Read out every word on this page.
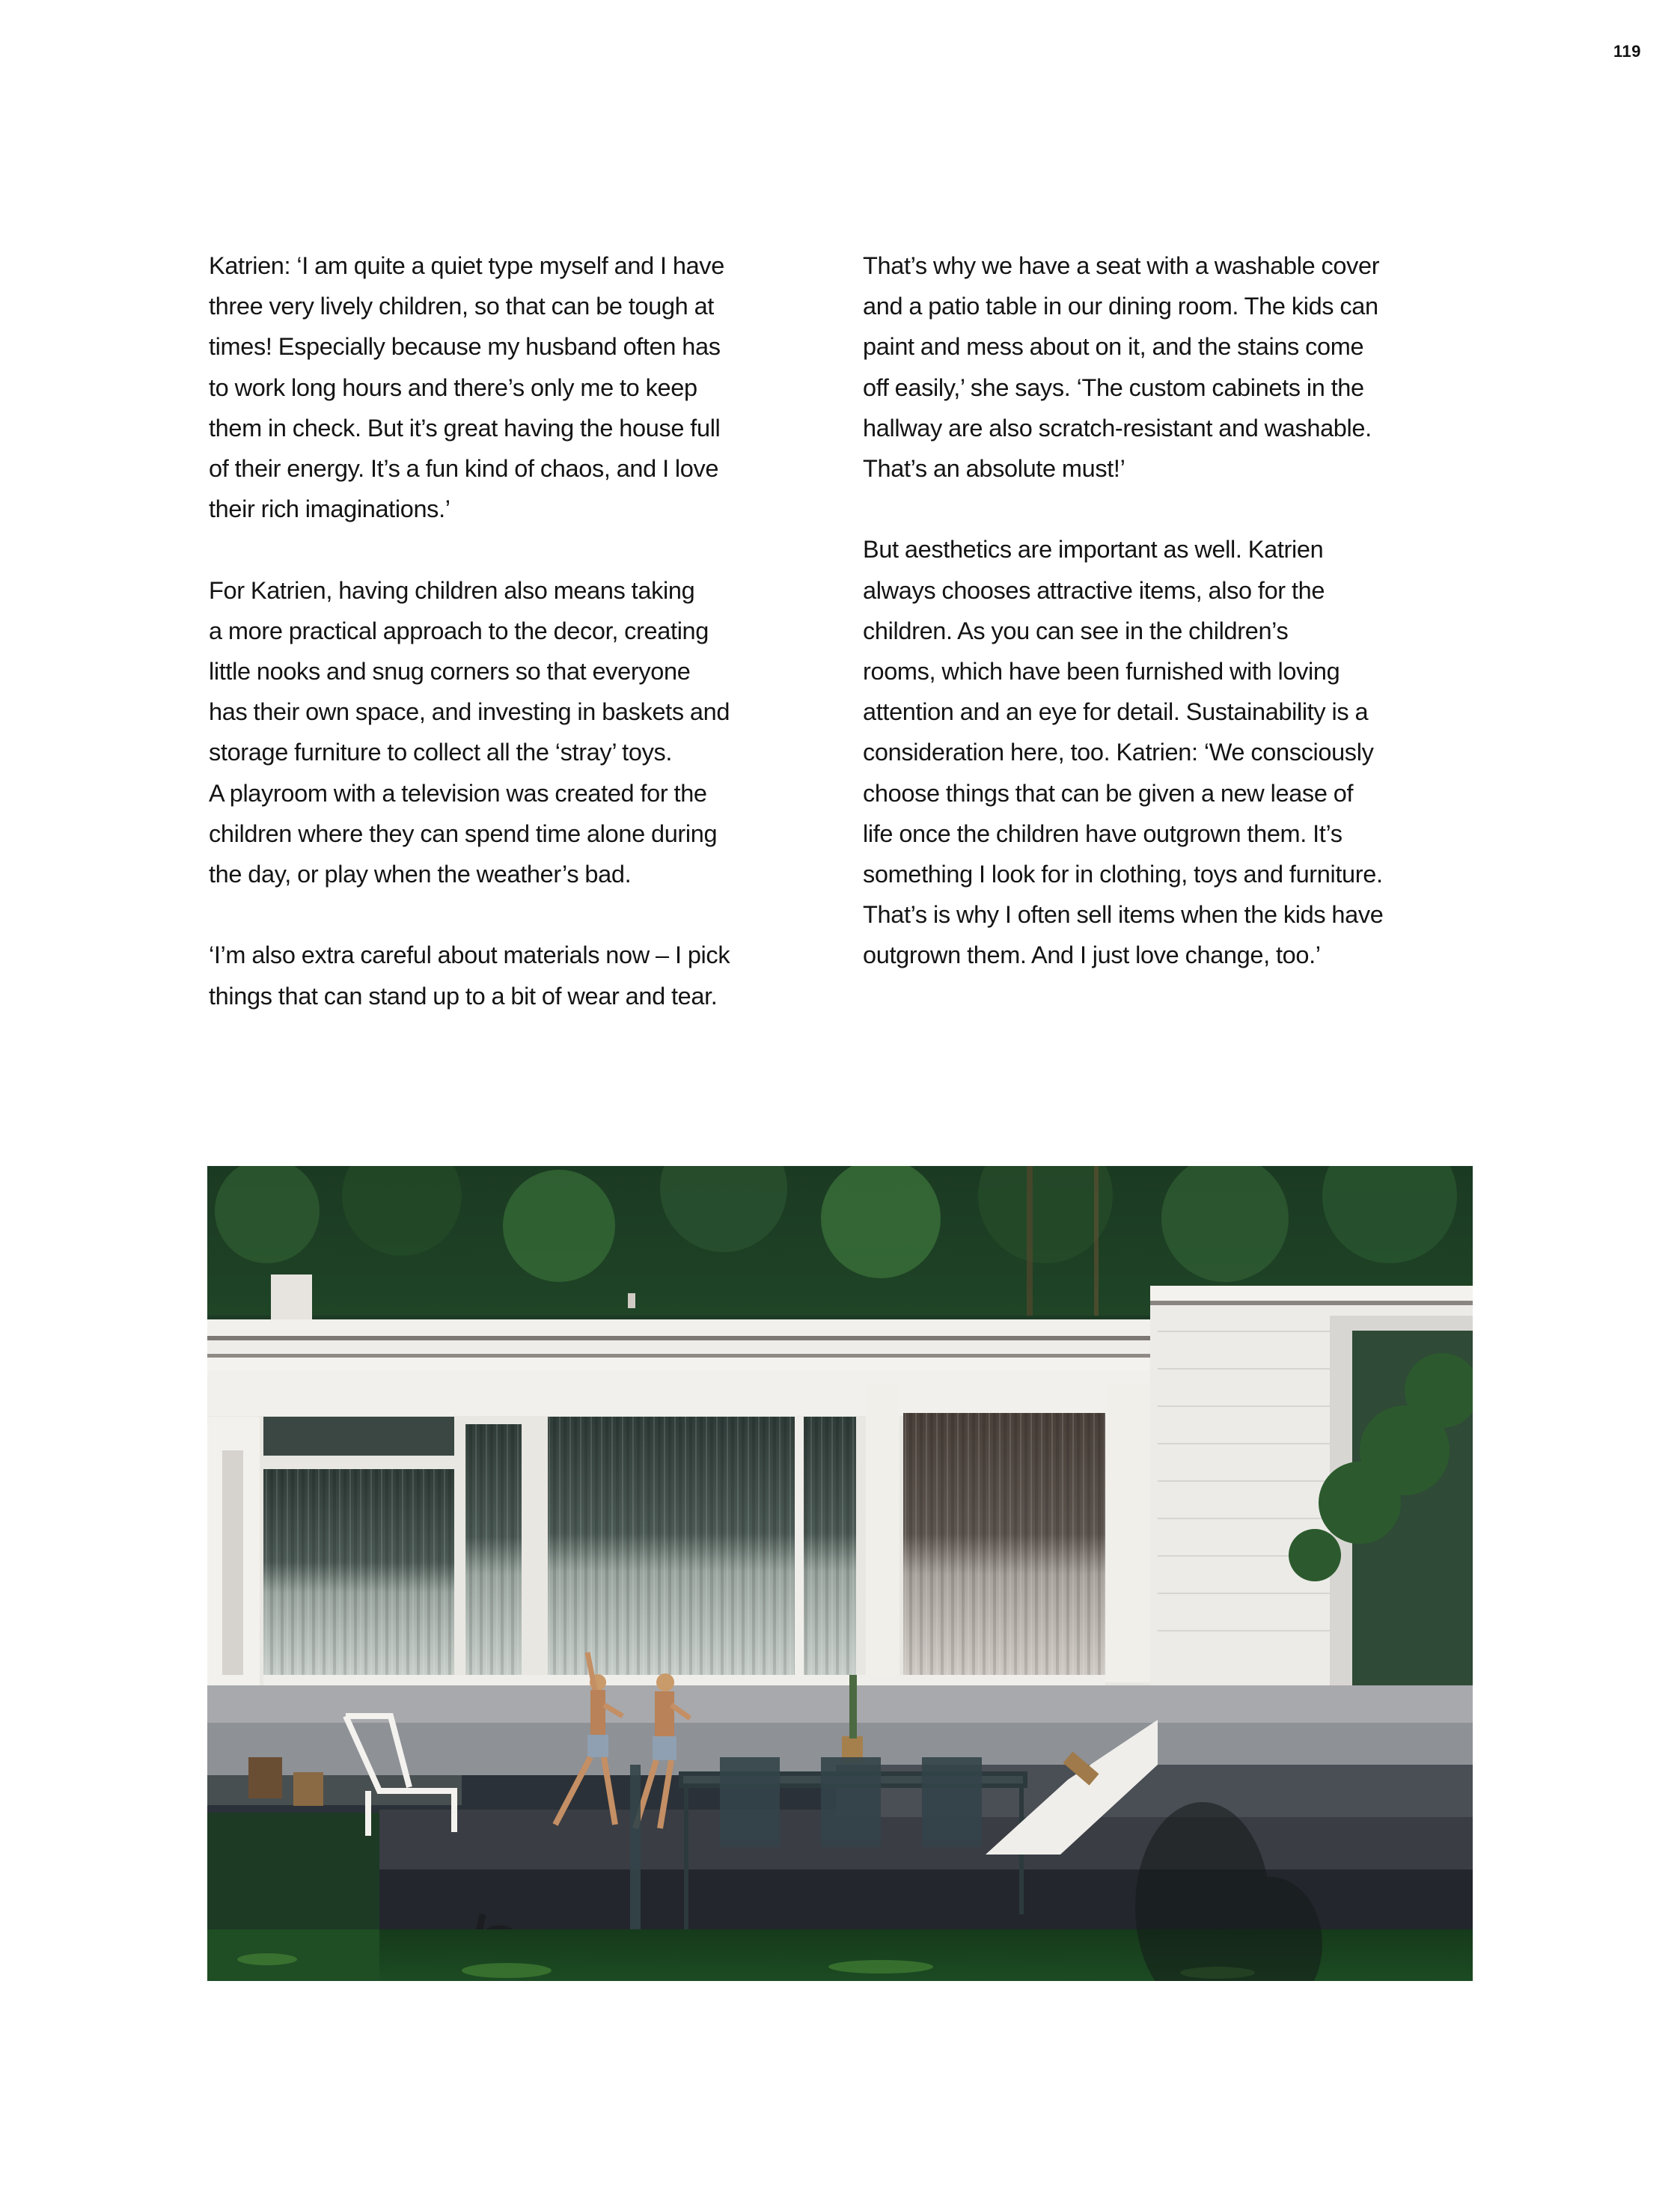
119

Katrien: ‘I am quite a quiet type myself and I have
three very lively children, so that can be tough at
times! Especially because my husband often has
to work long hours and there’s only me to keep
them in check. But it’s great having the house full
of their energy. It’s a fun kind of chaos, and I love
their rich imaginations.’

For Katrien, having children also means taking
a more practical approach to the decor, creating
little nooks and snug corners so that everyone
has their own space, and investing in baskets and
storage furniture to collect all the ‘stray’ toys.
A playroom with a television was created for the
children where they can spend time alone during
the day, or play when the weather’s bad.

‘I’m also extra careful about materials now – I pick
things that can stand up to a bit of wear and tear.

That’s why we have a seat with a washable cover
and a patio table in our dining room. The kids can
paint and mess about on it, and the stains come
off easily,’ she says. ‘The custom cabinets in the
hallway are also scratch-resistant and washable.
That’s an absolute must!’

But aesthetics are important as well. Katrien
always chooses attractive items, also for the
children. As you can see in the children’s
rooms, which have been furnished with loving
attention and an eye for detail. Sustainability is a
consideration here, too. Katrien: ‘We consciously
choose things that can be given a new lease of
life once the children have outgrown them. It’s
something I look for in clothing, toys and furniture.
That’s is why I often sell items when the kids have
outgrown them. And I just love change, too.’
